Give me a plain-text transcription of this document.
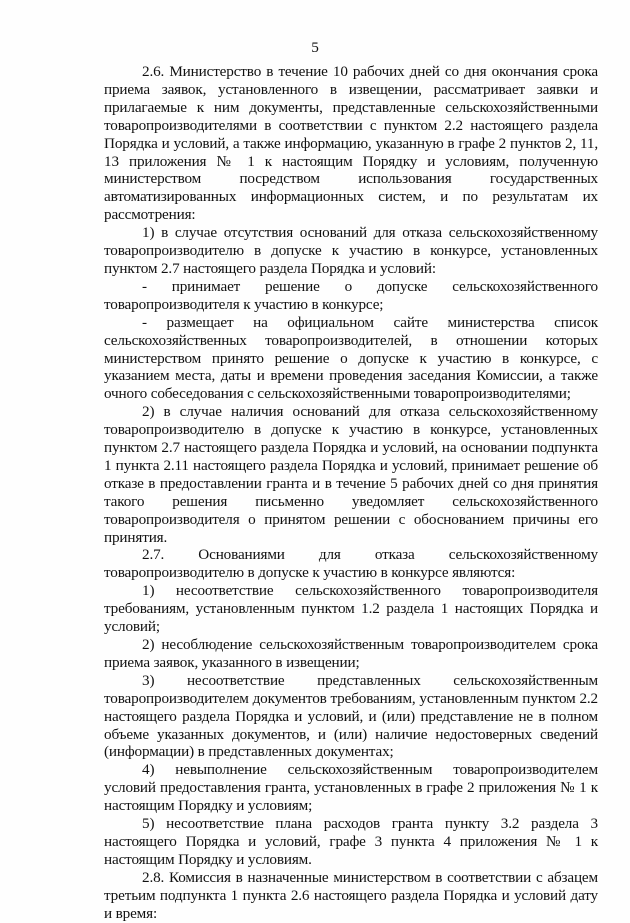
5

2.6. Министерство в течение 10 рабочих дней со дня окончания срока приема заявок, установленного в извещении, рассматривает заявки и прилагаемые к ним документы, представленные сельскохозяйственными товаропроизводителями в соответствии с пунктом 2.2 настоящего раздела Порядка и условий, а также информацию, указанную в графе 2 пунктов 2, 11, 13 приложения № 1 к настоящим Порядку и условиям, полученную министерством посредством использования государственных автоматизированных информационных систем, и по результатам их рассмотрения:

1) в случае отсутствия оснований для отказа сельскохозяйственному товаропроизводителю в допуске к участию в конкурсе, установленных пунктом 2.7 настоящего раздела Порядка и условий:

- принимает решение о допуске сельскохозяйственного товаропроизводителя к участию в конкурсе;

- размещает на официальном сайте министерства список сельскохозяйственных товаропроизводителей, в отношении которых министерством принято решение о допуске к участию в конкурсе, с указанием места, даты и времени проведения заседания Комиссии, а также очного собеседования с сельскохозяйственными товаропроизводителями;

2) в случае наличия оснований для отказа сельскохозяйственному товаропроизводителю в допуске к участию в конкурсе, установленных пунктом 2.7 настоящего раздела Порядка и условий, на основании подпункта 1 пункта 2.11 настоящего раздела Порядка и условий, принимает решение об отказе в предоставлении гранта и в течение 5 рабочих дней со дня принятия такого решения письменно уведомляет сельскохозяйственного товаропроизводителя о принятом решении с обоснованием причины его принятия.

2.7. Основаниями для отказа сельскохозяйственному товаропроизводителю в допуске к участию в конкурсе являются:

1) несоответствие сельскохозяйственного товаропроизводителя требованиям, установленным пунктом 1.2 раздела 1 настоящих Порядка и условий;

2) несоблюдение сельскохозяйственным товаропроизводителем срока приема заявок, указанного в извещении;

3) несоответствие представленных сельскохозяйственным товаропроизводителем документов требованиям, установленным пунктом 2.2 настоящего раздела Порядка и условий, и (или) представление не в полном объеме указанных документов, и (или) наличие недостоверных сведений (информации) в представленных документах;

4) невыполнение сельскохозяйственным товаропроизводителем условий предоставления гранта, установленных в графе 2 приложения № 1 к настоящим Порядку и условиям;

5) несоответствие плана расходов гранта пункту 3.2 раздела 3 настоящего Порядка и условий, графе 3 пункта 4 приложения № 1 к настоящим Порядку и условиям.

2.8. Комиссия в назначенные министерством в соответствии с абзацем третьим подпункта 1 пункта 2.6 настоящего раздела Порядка и условий дату и время:
